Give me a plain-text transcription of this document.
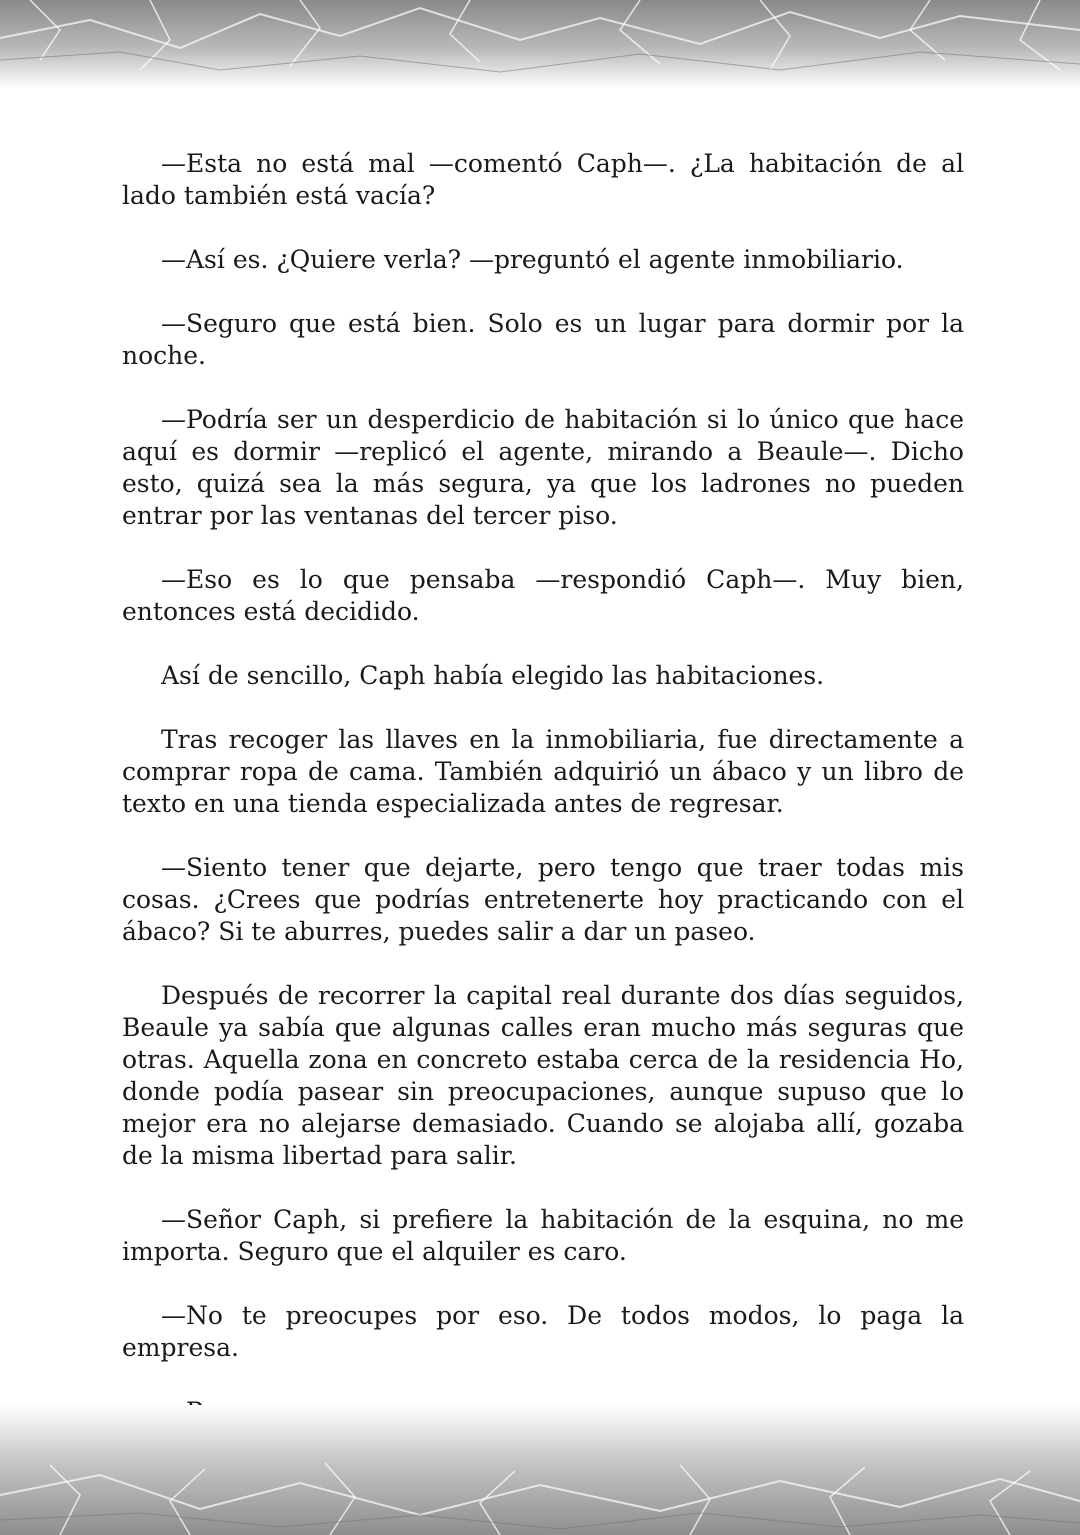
—Esta no está mal —comentó Caph—. ¿La habitación de al lado también está vacía?

—Así es. ¿Quiere verla? —preguntó el agente inmobiliario.

—Seguro que está bien. Solo es un lugar para dormir por la noche.

—Podría ser un desperdicio de habitación si lo único que hace aquí es dormir —replicó el agente, mirando a Beaule—. Dicho esto, quizá sea la más segura, ya que los ladrones no pueden entrar por las ventanas del tercer piso.

—Eso es lo que pensaba —respondió Caph—. Muy bien, entonces está decidido.

Así de sencillo, Caph había elegido las habitaciones.

Tras recoger las llaves en la inmobiliaria, fue directamente a comprar ropa de cama. También adquirió un ábaco y un libro de texto en una tienda especializada antes de regresar.

—Siento tener que dejarte, pero tengo que traer todas mis cosas. ¿Crees que podrías entretenerte hoy practicando con el ábaco? Si te aburres, puedes salir a dar un paseo.

Después de recorrer la capital real durante dos días seguidos, Beaule ya sabía que algunas calles eran mucho más seguras que otras. Aquella zona en concreto estaba cerca de la residencia Ho, donde podía pasear sin preocupaciones, aunque supuso que lo mejor era no alejarse demasiado. Cuando se alojaba allí, gozaba de la misma libertad para salir.

—Señor Caph, si prefiere la habitación de la esquina, no me importa. Seguro que el alquiler es caro.

—No te preocupes por eso. De todos modos, lo paga la empresa.
